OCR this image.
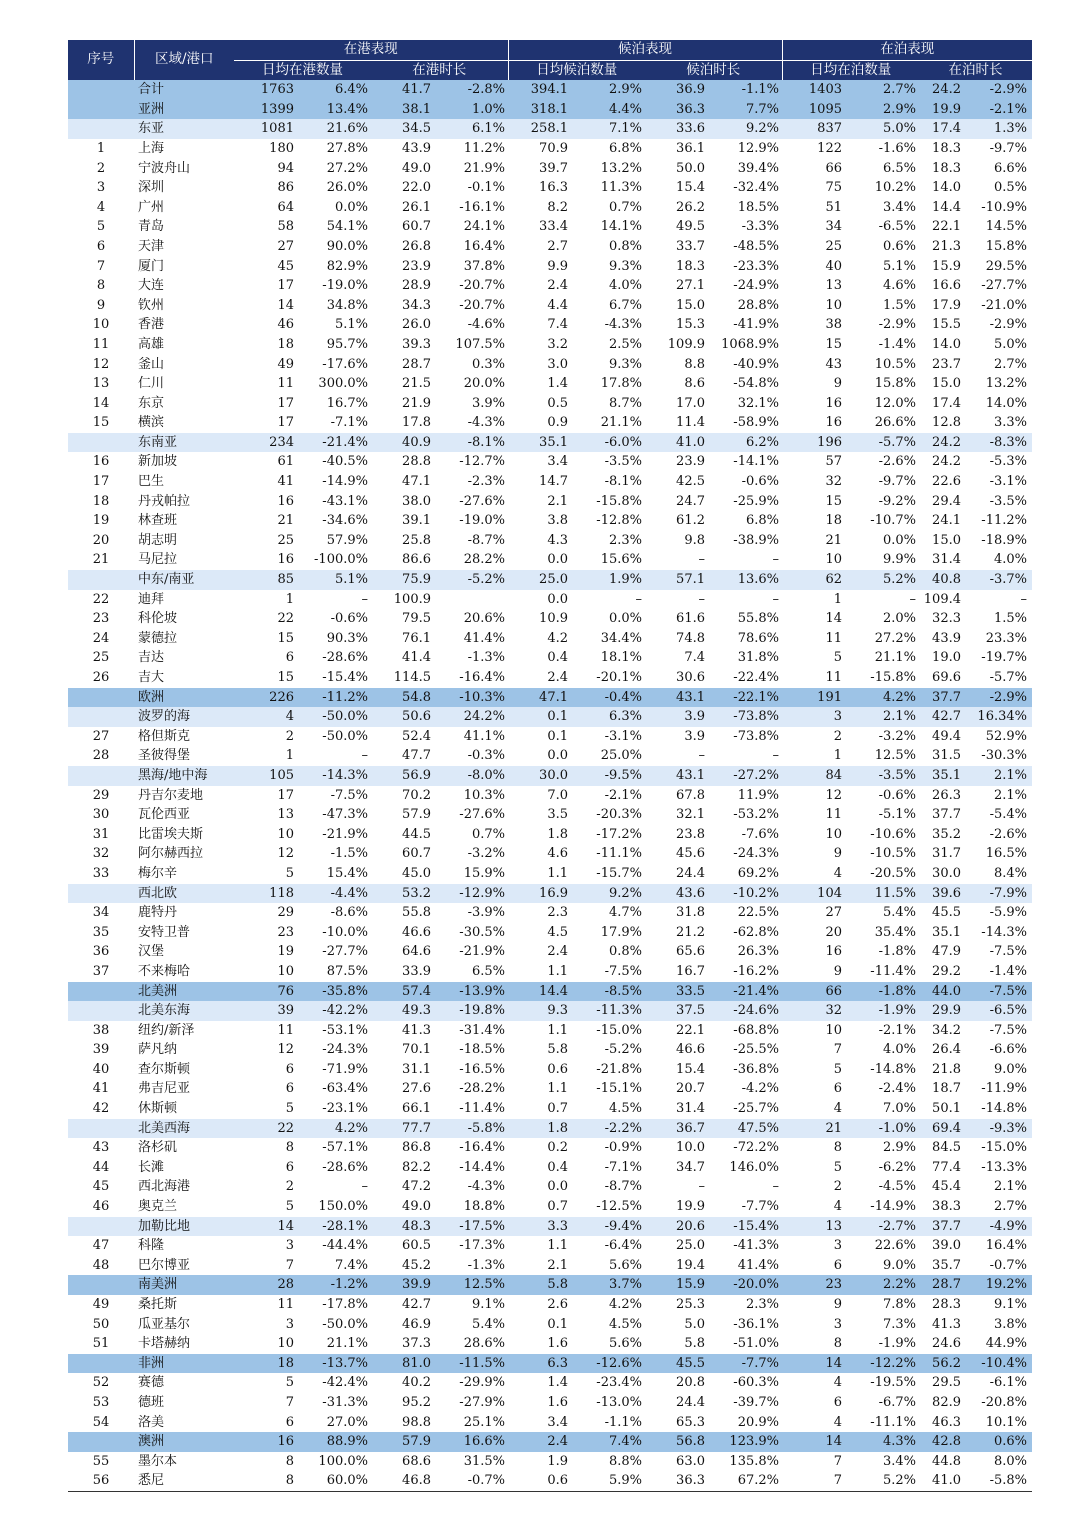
序号	区域/港口	在港表现				候泊表现				在泊表现		
		日均在港数量		在港时长		日均候泊数量		候泊时长		日均在泊数量		在泊时长
	合计	1763	6.4%	41.7	-2.8%	394.1	2.9%	36.9	-1.1%	1403	2.7%	24.2 -2.9%
	亚洲	1399	13.4%	38.1	1.0%	318.1	4.4%	36.3	7.7%	1095	2.9%	19.9 -2.1%
	东亚	1081	21.6%	34.5	6.1%	258.1	7.1%	33.6	9.2%	837	5.0%	17.4 1.3%
1	上海	180	27.8%	43.9	11.2%	70.9	6.8%	36.1	12.9%	122	-1.6%	18.3 -9.7%
2	宁波舟山	94	27.2%	49.0	21.9%	39.7	13.2%	50.0	39.4%	66	6.5%	18.3 6.6%
3	深圳	86	26.0%	22.0	-0.1%	16.3	11.3%	15.4	-32.4%	75	10.2%	14.0 0.5%
4	广州	64	0.0%	26.1	-16.1%	8.2	0.7%	26.2	18.5%	51	3.4%	14.4 -10.9%
5	青岛	58	54.1%	60.7	24.1%	33.4	14.1%	49.5	-3.3%	34	-6.5%	22.1 14.5%
6	天津	27	90.0%	26.8	16.4%	2.7	0.8%	33.7	-48.5%	25	0.6%	21.3 15.8%
7	厦门	45	82.9%	23.9	37.8%	9.9	9.3%	18.3	-23.3%	40	5.1%	15.9 29.5%
8	大连	17	-19.0%	28.9	-20.7%	2.4	4.0%	27.1	-24.9%	13	4.6%	16.6 -27.7%
9	钦州	14	34.8%	34.3	-20.7%	4.4	6.7%	15.0	28.8%	10	1.5%	17.9 -21.0%
10	香港	46	5.1%	26.0	-4.6%	7.4	-4.3%	15.3	-41.9%	38	-2.9%	15.5 -2.9%
11	高雄	18	95.7%	39.3	107.5%	3.2	2.5%	109.9	1068.9%	15	-1.4%	14.0 5.0%
12	釜山	49	-17.6%	28.7	0.3%	3.0	9.3%	8.8	-40.9%	43	10.5%	23.7 2.7%
13	仁川	11	300.0%	21.5	20.0%	1.4	17.8%	8.6	-54.8%	9	15.8%	15.0 13.2%
14	东京	17	16.7%	21.9	3.9%	0.5	8.7%	17.0	32.1%	16	12.0%	17.4 14.0%
15	横滨	17	-7.1%	17.8	-4.3%	0.9	21.1%	11.4	-58.9%	16	26.6%	12.8 3.3%
	东南亚	234	-21.4%	40.9	-8.1%	35.1	-6.0%	41.0	6.2%	196	-5.7%	24.2 -8.3%
16	新加坡	61	-40.5%	28.8	-12.7%	3.4	-3.5%	23.9	-14.1%	57	-2.6%	24.2 -5.3%
17	巴生	41	-14.9%	47.1	-2.3%	14.7	-8.1%	42.5	-0.6%	32	-9.7%	22.6 -3.1%
18	丹戎帕拉	16	-43.1%	38.0	-27.6%	2.1	-15.8%	24.7	-25.9%	15	-9.2%	29.4 -3.5%
19	林查班	21	-34.6%	39.1	-19.0%	3.8	-12.8%	61.2	6.8%	18	-10.7%	24.1 -11.2%
20	胡志明	25	57.9%	25.8	-8.7%	4.3	2.3%	9.8	-38.9%	21	0.0%	15.0 -18.9%
21	马尼拉	16	-100.0%	86.6	28.2%	0.0	15.6%	–	–	10	9.9%	31.4 4.0%
	中东/南亚	85	5.1%	75.9	-5.2%	25.0	1.9%	57.1	13.6%	62	5.2%	40.8 -3.7%
22	迪拜	1	–	100.9		0.0	–	–	–	1	–	109.4 –
23	科伦坡	22	-0.6%	79.5	20.6%	10.9	0.0%	61.6	55.8%	14	2.0%	32.3 1.5%
24	蒙德拉	15	90.3%	76.1	41.4%	4.2	34.4%	74.8	78.6%	11	27.2%	43.9 23.3%
25	吉达	6	-28.6%	41.4	-1.3%	0.4	18.1%	7.4	31.8%	5	21.1%	19.0 -19.7%
26	吉大	15	-15.4%	114.5	-16.4%	2.4	-20.1%	30.6	-22.4%	11	-15.8%	69.6 -5.7%
	欧洲	226	-11.2%	54.8	-10.3%	47.1	-0.4%	43.1	-22.1%	191	4.2%	37.7 -2.9%
	波罗的海	4	-50.0%	50.6	24.2%	0.1	6.3%	3.9	-73.8%	3	2.1%	42.7 16.34%
27	格但斯克	2	-50.0%	52.4	41.1%	0.1	-3.1%	3.9	-73.8%	2	-3.2%	49.4 52.9%
28	圣彼得堡	1	–	47.7	-0.3%	0.0	25.0%	–	–	1	12.5%	31.5 -30.3%
	黑海/地中海	105	-14.3%	56.9	-8.0%	30.0	-9.5%	43.1	-27.2%	84	-3.5%	35.1 2.1%
29	丹吉尔麦地	17	-7.5%	70.2	10.3%	7.0	-2.1%	67.8	11.9%	12	-0.6%	26.3 2.1%
30	瓦伦西亚	13	-47.3%	57.9	-27.6%	3.5	-20.3%	32.1	-53.2%	11	-5.1%	37.7 -5.4%
31	比雷埃夫斯	10	-21.9%	44.5	0.7%	1.8	-17.2%	23.8	-7.6%	10	-10.6%	35.2 -2.6%
32	阿尔赫西拉	12	-1.5%	60.7	-3.2%	4.6	-11.1%	45.6	-24.3%	9	-10.5%	31.7 16.5%
33	梅尔辛	5	15.4%	45.0	15.9%	1.1	-15.7%	24.4	69.2%	4	-20.5%	30.0 8.4%
	西北欧	118	-4.4%	53.2	-12.9%	16.9	9.2%	43.6	-10.2%	104	11.5%	39.6 -7.9%
34	鹿特丹	29	-8.6%	55.8	-3.9%	2.3	4.7%	31.8	22.5%	27	5.4%	45.5 -5.9%
35	安特卫普	23	-10.0%	46.6	-30.5%	4.5	17.9%	21.2	-62.8%	20	35.4%	35.1 -14.3%
36	汉堡	19	-27.7%	64.6	-21.9%	2.4	0.8%	65.6	26.3%	16	-1.8%	47.9 -7.5%
37	不来梅哈	10	87.5%	33.9	6.5%	1.1	-7.5%	16.7	-16.2%	9	-11.4%	29.2 -1.4%
	北美洲	76	-35.8%	57.4	-13.9%	14.4	-8.5%	33.5	-21.4%	66	-1.8%	44.0 -7.5%
	北美东海	39	-42.2%	49.3	-19.8%	9.3	-11.3%	37.5	-24.6%	32	-1.9%	29.9 -6.5%
38	纽约/新泽	11	-53.1%	41.3	-31.4%	1.1	-15.0%	22.1	-68.8%	10	-2.1%	34.2 -7.5%
39	萨凡纳	12	-24.3%	70.1	-18.5%	5.8	-5.2%	46.6	-25.5%	7	4.0%	26.4 -6.6%
40	查尔斯顿	6	-71.9%	31.1	-16.5%	0.6	-21.8%	15.4	-36.8%	5	-14.8%	21.8 9.0%
41	弗吉尼亚	6	-63.4%	27.6	-28.2%	1.1	-15.1%	20.7	-4.2%	6	-2.4%	18.7 -11.9%
42	休斯顿	5	-23.1%	66.1	-11.4%	0.7	4.5%	31.4	-25.7%	4	7.0%	50.1 -14.8%
	北美西海	22	4.2%	77.7	-5.8%	1.8	-2.2%	36.7	47.5%	21	-1.0%	69.4 -9.3%
43	洛杉矶	8	-57.1%	86.8	-16.4%	0.2	-0.9%	10.0	-72.2%	8	2.9%	84.5 -15.0%
44	长滩	6	-28.6%	82.2	-14.4%	0.4	-7.1%	34.7	146.0%	5	-6.2%	77.4 -13.3%
45	西北海港	2	–	47.2	-4.3%	0.0	-8.7%	–	–	2	-4.5%	45.4 2.1%
46	奥克兰	5	150.0%	49.0	18.8%	0.7	-12.5%	19.9	-7.7%	4	-14.9%	38.3 2.7%
	加勒比地	14	-28.1%	48.3	-17.5%	3.3	-9.4%	20.6	-15.4%	13	-2.7%	37.7 -4.9%
47	科隆	3	-44.4%	60.5	-17.3%	1.1	-6.4%	25.0	-41.3%	3	22.6%	39.0 16.4%
48	巴尔博亚	7	7.4%	45.2	-1.3%	2.1	5.6%	19.4	41.4%	6	9.0%	35.7 -0.7%
	南美洲	28	-1.2%	39.9	12.5%	5.8	3.7%	15.9	-20.0%	23	2.2%	28.7 19.2%
49	桑托斯	11	-17.8%	42.7	9.1%	2.6	4.2%	25.3	2.3%	9	7.8%	28.3 9.1%
50	瓜亚基尔	3	-50.0%	46.9	5.4%	0.1	4.5%	5.0	-36.1%	3	7.3%	41.3 3.8%
51	卡塔赫纳	10	21.1%	37.3	28.6%	1.6	5.6%	5.8	-51.0%	8	-1.9%	24.6 44.9%
	非洲	18	-13.7%	81.0	-11.5%	6.3	-12.6%	45.5	-7.7%	14	-12.2%	56.2 -10.4%
52	赛德	5	-42.4%	40.2	-29.9%	1.4	-23.4%	20.8	-60.3%	4	-19.5%	29.5 -6.1%
53	德班	7	-31.3%	95.2	-27.9%	1.6	-13.0%	24.4	-39.7%	6	-6.7%	82.9 -20.8%
54	洛美	6	27.0%	98.8	25.1%	3.4	-1.1%	65.3	20.9%	4	-11.1%	46.3 10.1%
	澳洲	16	88.9%	57.9	16.6%	2.4	7.4%	56.8	123.9%	14	4.3%	42.8 0.6%
55	墨尔本	8	100.0%	68.6	31.5%	1.9	8.8%	63.0	135.8%	7	3.4%	44.8 8.0%
56	悉尼	8	60.0%	46.8	-0.7%	0.6	5.9%	36.3	67.2%	7	5.2%	41.0 -5.8%
